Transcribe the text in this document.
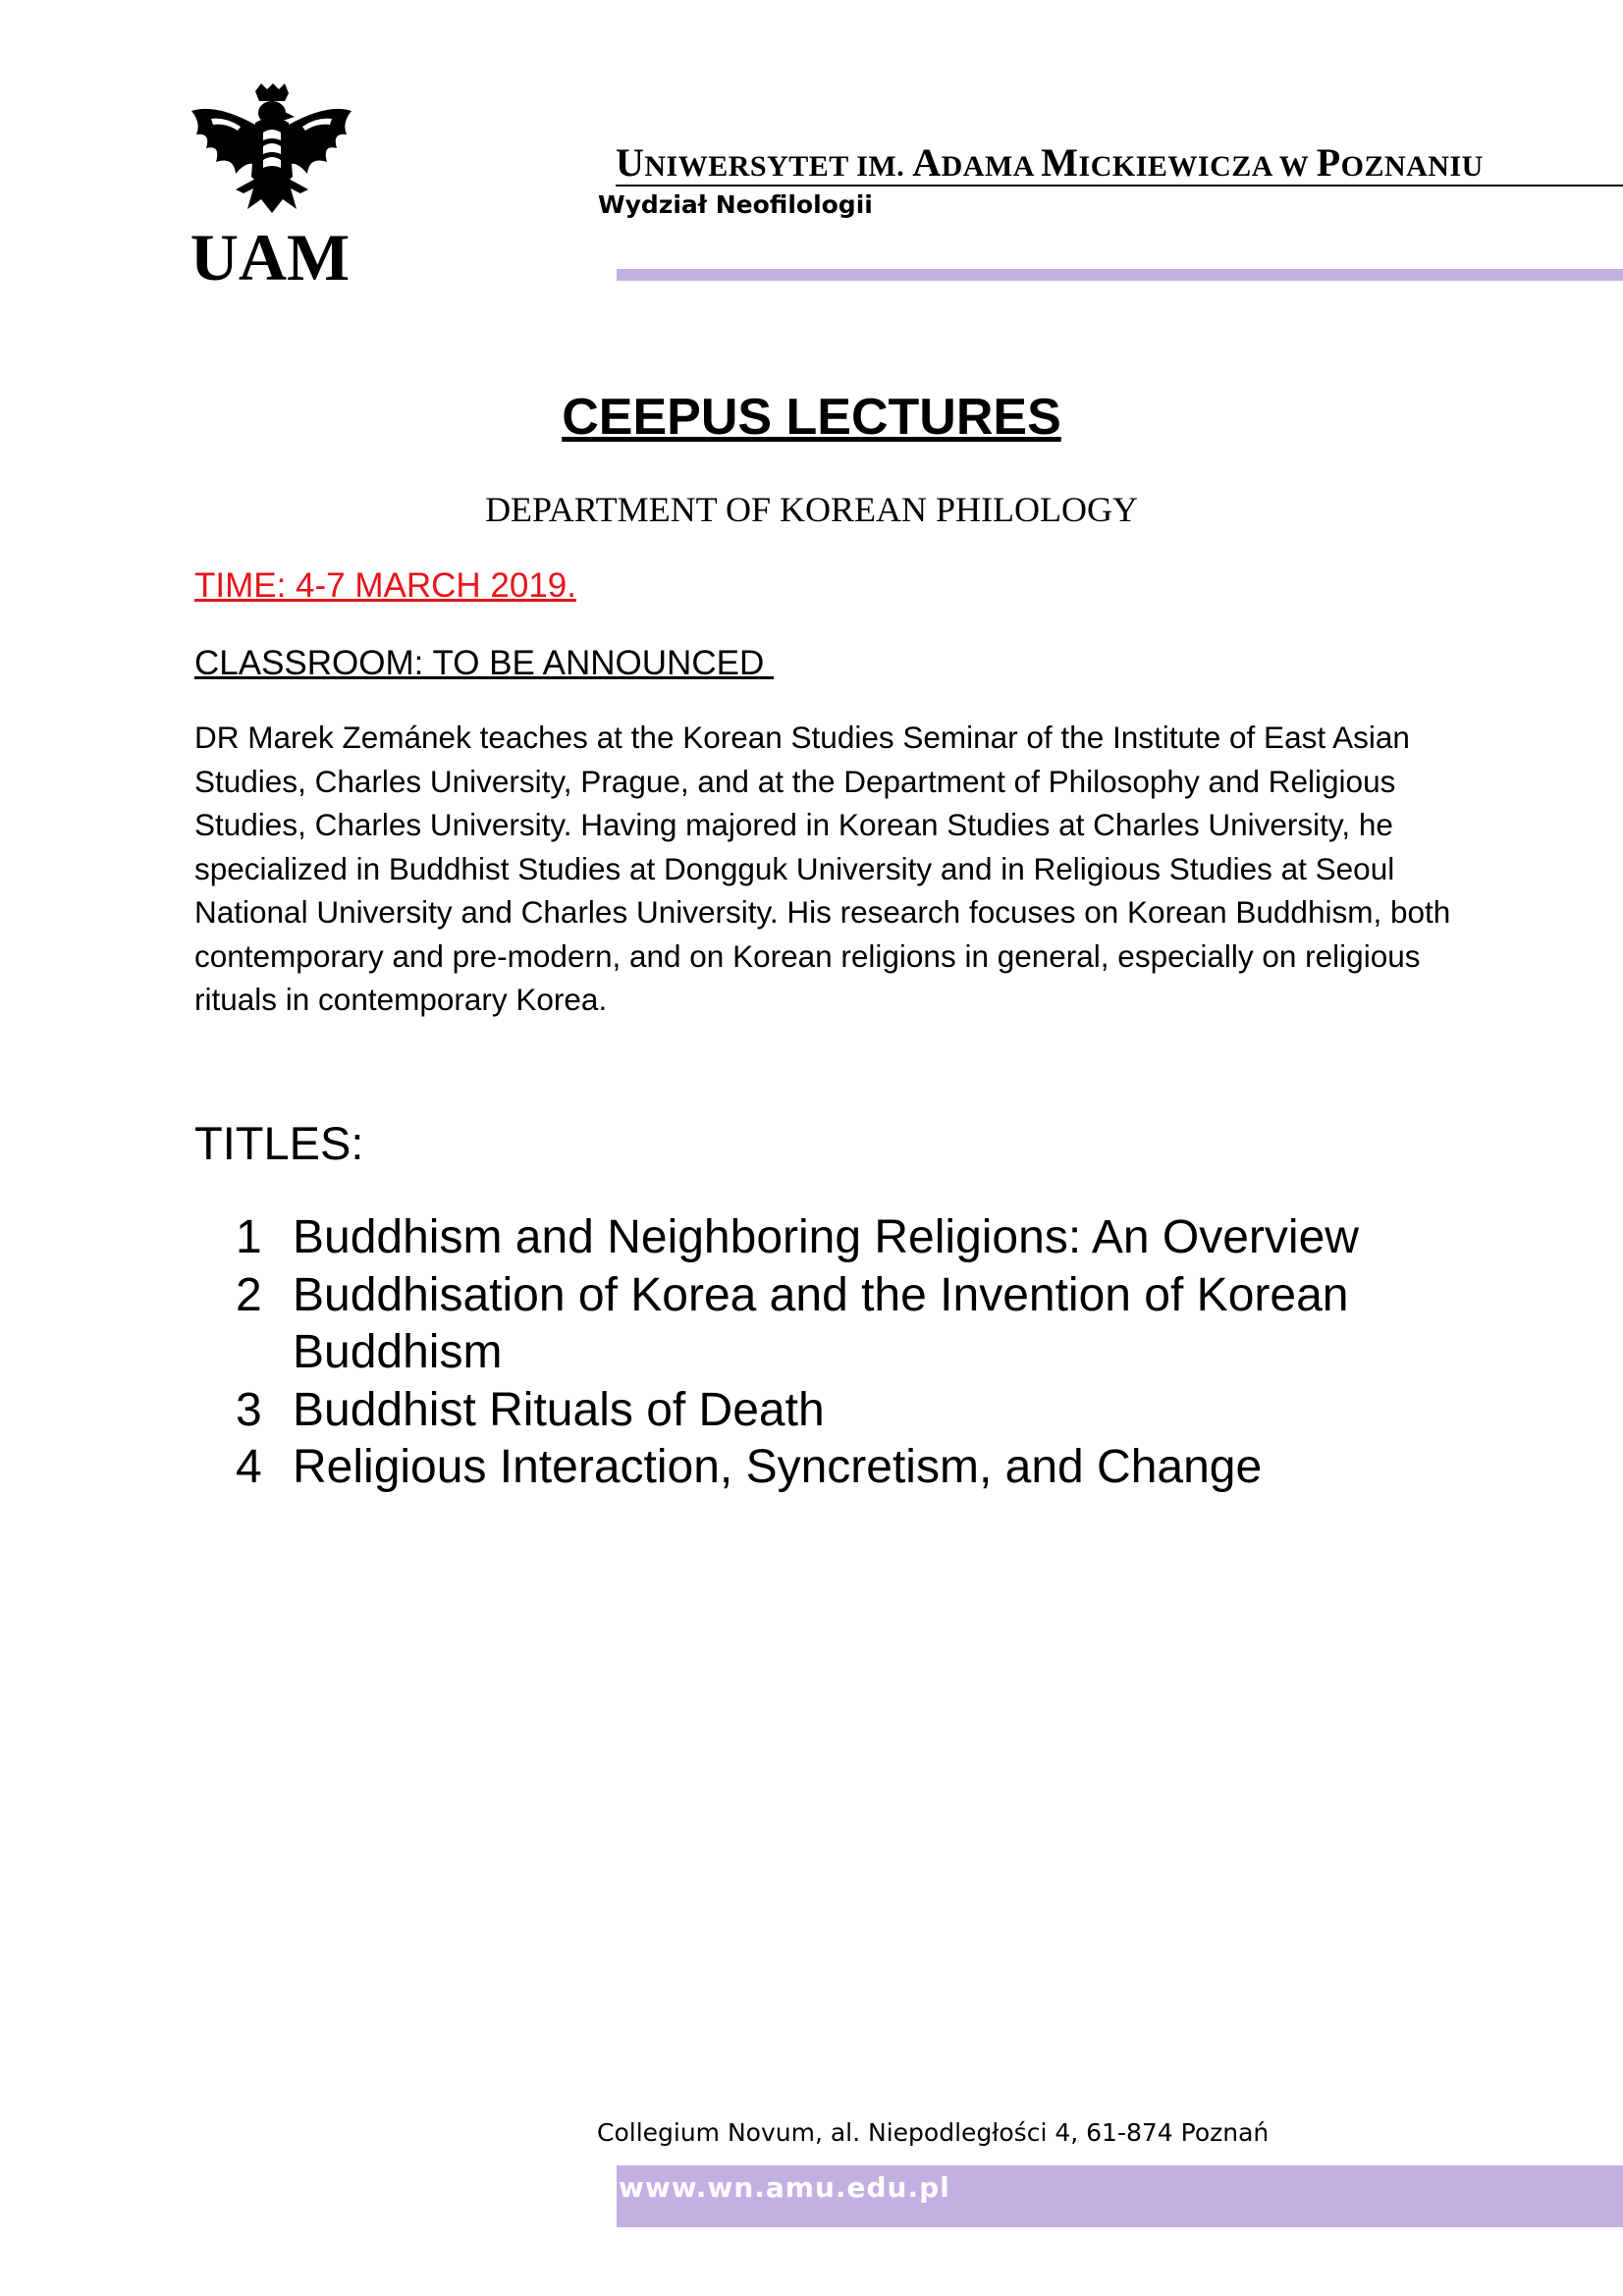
UAM
UNIWERSYTET IM. ADAMA MICKIEWICZA W POZNANIU
Wydział Neofilologii
CEEPUS LECTURES
DEPARTMENT OF KOREAN PHILOLOGY
TIME: 4-7 MARCH 2019.
CLASSROOM: TO BE ANNOUNCED
DR Marek Zemánek teaches at the Korean Studies Seminar of the Institute of East Asian Studies, Charles University, Prague, and at the Department of Philosophy and Religious Studies, Charles University. Having majored in Korean Studies at Charles University, he specialized in Buddhist Studies at Dongguk University and in Religious Studies at Seoul National University and Charles University. His research focuses on Korean Buddhism, both contemporary and pre-modern, and on Korean religions in general, especially on religious rituals in contemporary Korea.
TITLES:
1 Buddhism and Neighboring Religions: An Overview
2 Buddhisation of Korea and the Invention of Korean Buddhism
3 Buddhist Rituals of Death
4 Religious Interaction, Syncretism, and Change
Collegium Novum, al. Niepodległości 4, 61-874 Poznań
www.wn.amu.edu.pl
